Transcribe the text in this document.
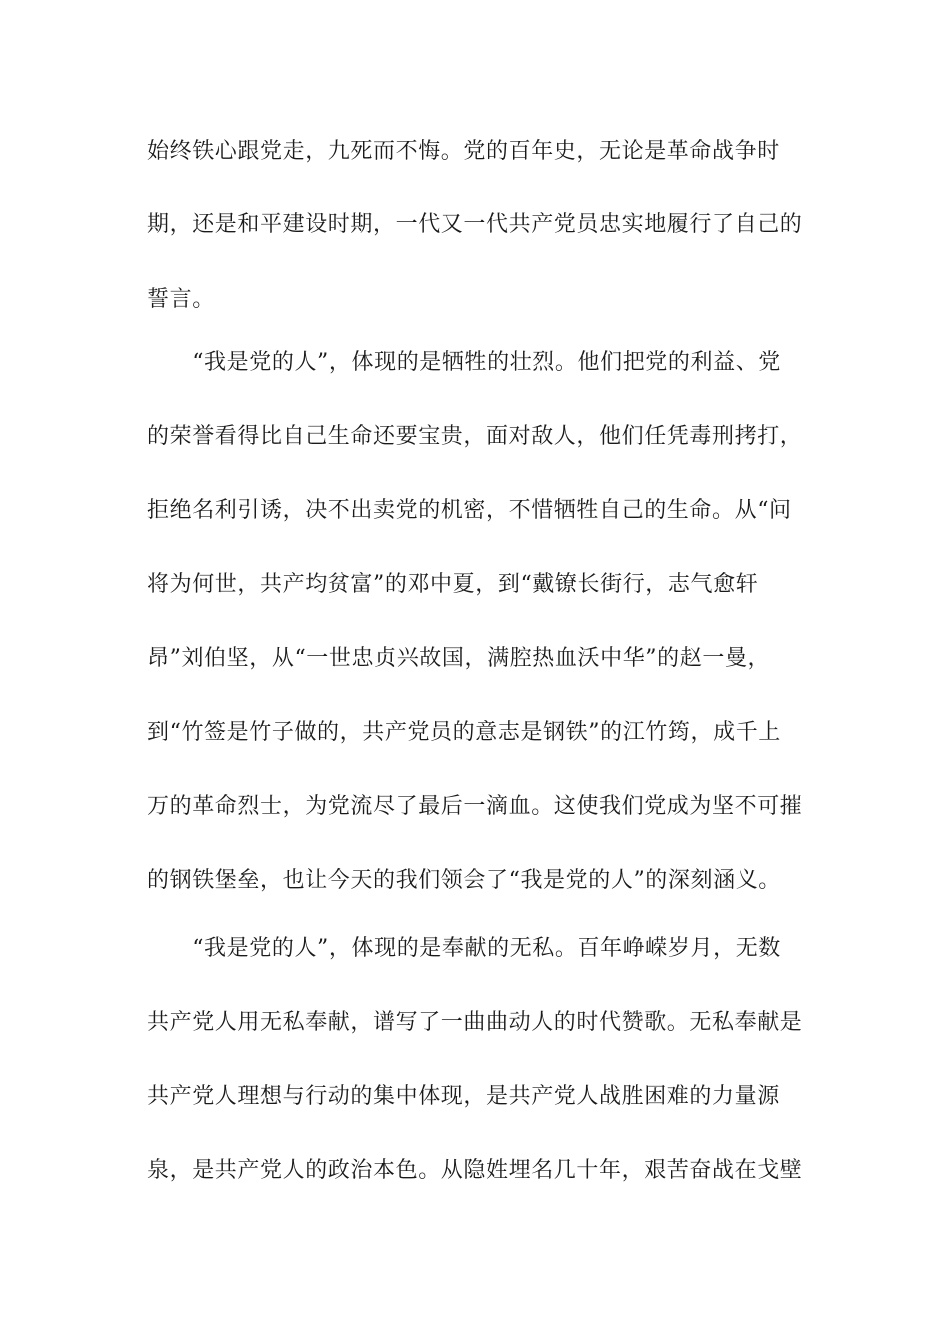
始终铁心跟党走，九死而不悔。党的百年史，无论是革命战争时
期，还是和平建设时期，一代又一代共产党员忠实地履行了自己的
誓言。
　　“我是党的人”，体现的是牺牲的壮烈。他们把党的利益、党
的荣誉看得比自己生命还要宝贵，面对敌人，他们任凭毒刑拷打，
拒绝名利引诱，决不出卖党的机密，不惜牺牲自己的生命。从“问
将为何世，共产均贫富”的邓中夏，到“戴镣长街行，志气愈轩
昂”刘伯坚，从“一世忠贞兴故国，满腔热血沃中华”的赵一曼，
到“竹签是竹子做的，共产党员的意志是钢铁”的江竹筠，成千上
万的革命烈士，为党流尽了最后一滴血。这使我们党成为坚不可摧
的钢铁堡垒，也让今天的我们领会了“我是党的人”的深刻涵义。
　　“我是党的人”，体现的是奉献的无私。百年峥嵘岁月，无数
共产党人用无私奉献，谱写了一曲曲动人的时代赞歌。无私奉献是
共产党人理想与行动的集中体现，是共产党人战胜困难的力量源
泉，是共产党人的政治本色。从隐姓埋名几十年，艰苦奋战在戈壁
